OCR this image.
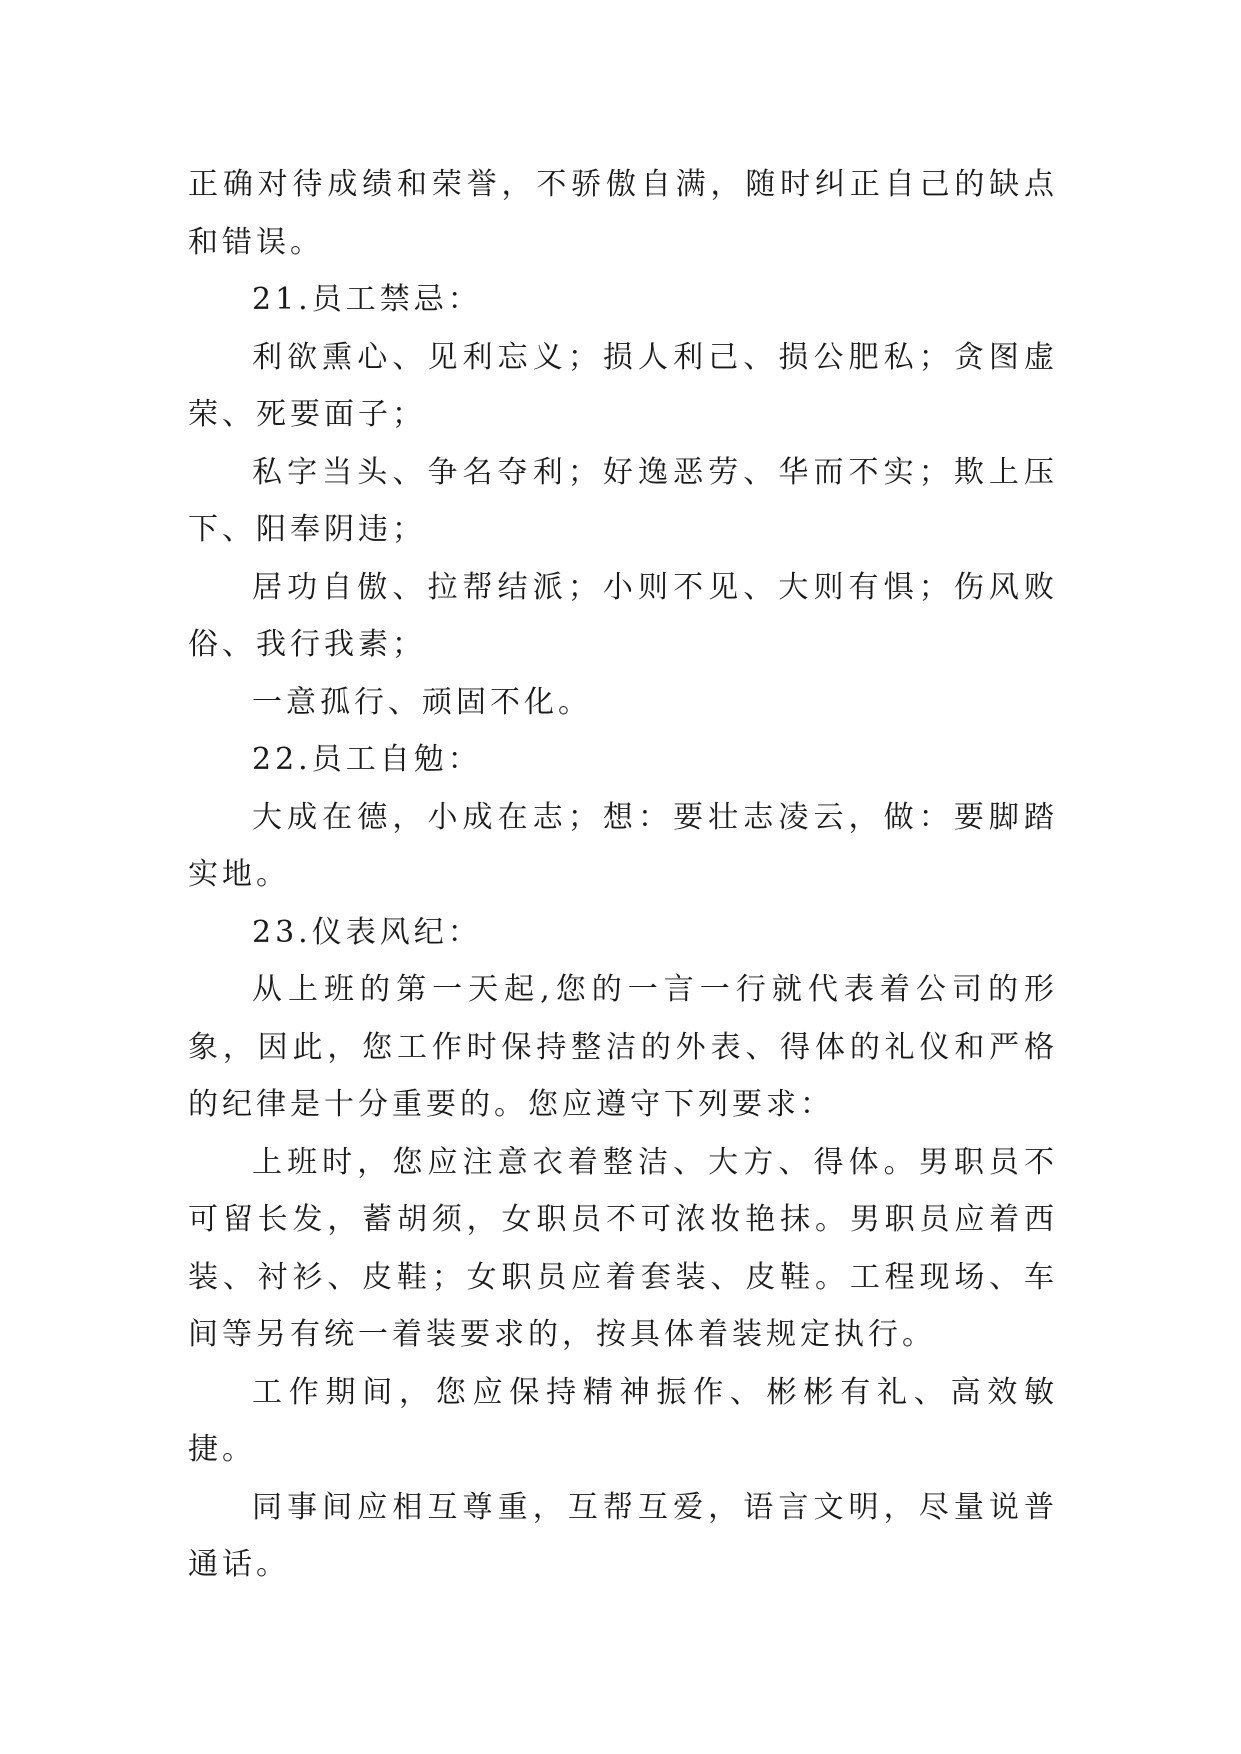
正确对待成绩和荣誉，不骄傲自满，随时纠正自己的缺点和错误。

21.员工禁忌：

利欲熏心、见利忘义；损人利己、损公肥私；贪图虚荣、死要面子；

私字当头、争名夺利；好逸恶劳、华而不实；欺上压下、阳奉阴违；

居功自傲、拉帮结派；小则不见、大则有惧；伤风败俗、我行我素；

一意孤行、顽固不化。

22.员工自勉：

大成在德，小成在志；想：要壮志凌云，做：要脚踏实地。

23.仪表风纪：

从上班的第一天起,您的一言一行就代表着公司的形象，因此，您工作时保持整洁的外表、得体的礼仪和严格的纪律是十分重要的。您应遵守下列要求：

上班时，您应注意衣着整洁、大方、得体。男职员不可留长发，蓄胡须，女职员不可浓妆艳抹。男职员应着西装、衬衫、皮鞋；女职员应着套装、皮鞋。工程现场、车间等另有统一着装要求的，按具体着装规定执行。

工作期间，您应保持精神振作、彬彬有礼、高效敏捷。

同事间应相互尊重，互帮互爱，语言文明，尽量说普通话。
